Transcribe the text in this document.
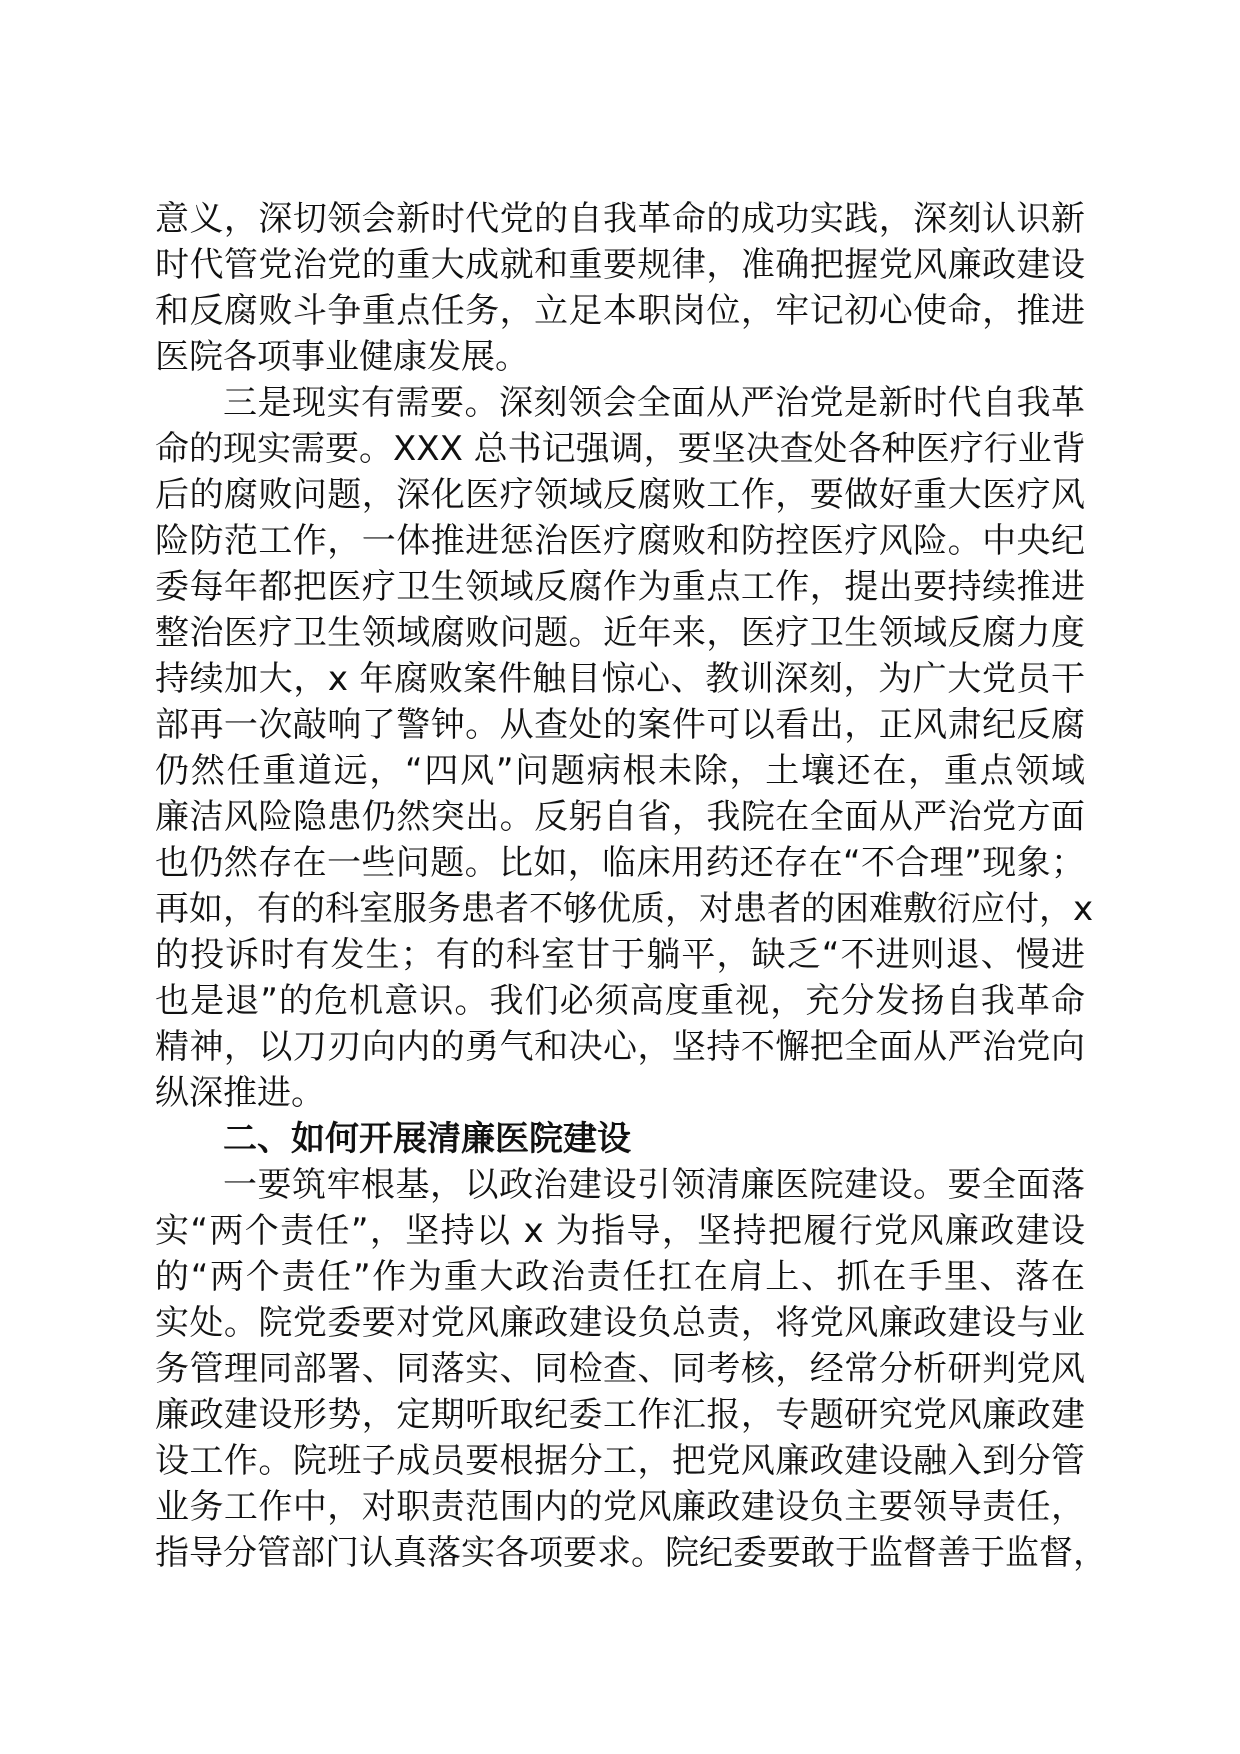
意义，深切领会新时代党的自我革命的成功实践，深刻认识新
时代管党治党的重大成就和重要规律，准确把握党风廉政建设
和反腐败斗争重点任务，立足本职岗位，牢记初心使命，推进
医院各项事业健康发展。
三是现实有需要。深刻领会全面从严治党是新时代自我革
命的现实需要。XXX 总书记强调，要坚决查处各种医疗行业背
后的腐败问题，深化医疗领域反腐败工作，要做好重大医疗风
险防范工作，一体推进惩治医疗腐败和防控医疗风险。中央纪
委每年都把医疗卫生领域反腐作为重点工作，提出要持续推进
整治医疗卫生领域腐败问题。近年来，医疗卫生领域反腐力度
持续加大，x 年腐败案件触目惊心、教训深刻，为广大党员干
部再一次敲响了警钟。从查处的案件可以看出，正风肃纪反腐
仍然任重道远，“四风”问题病根未除，土壤还在，重点领域
廉洁风险隐患仍然突出。反躬自省，我院在全面从严治党方面
也仍然存在一些问题。比如，临床用药还存在“不合理”现象；
再如，有的科室服务患者不够优质，对患者的困难敷衍应付，x
的投诉时有发生；有的科室甘于躺平，缺乏“不进则退、慢进
也是退”的危机意识。我们必须高度重视，充分发扬自我革命
精神，以刀刃向内的勇气和决心，坚持不懈把全面从严治党向
纵深推进。
二、如何开展清廉医院建设
一要筑牢根基，以政治建设引领清廉医院建设。要全面落
实“两个责任”，坚持以 x 为指导，坚持把履行党风廉政建设
的“两个责任”作为重大政治责任扛在肩上、抓在手里、落在
实处。院党委要对党风廉政建设负总责，将党风廉政建设与业
务管理同部署、同落实、同检查、同考核，经常分析研判党风
廉政建设形势，定期听取纪委工作汇报，专题研究党风廉政建
设工作。院班子成员要根据分工，把党风廉政建设融入到分管
业务工作中，对职责范围内的党风廉政建设负主要领导责任，
指导分管部门认真落实各项要求。院纪委要敢于监督善于监督，
